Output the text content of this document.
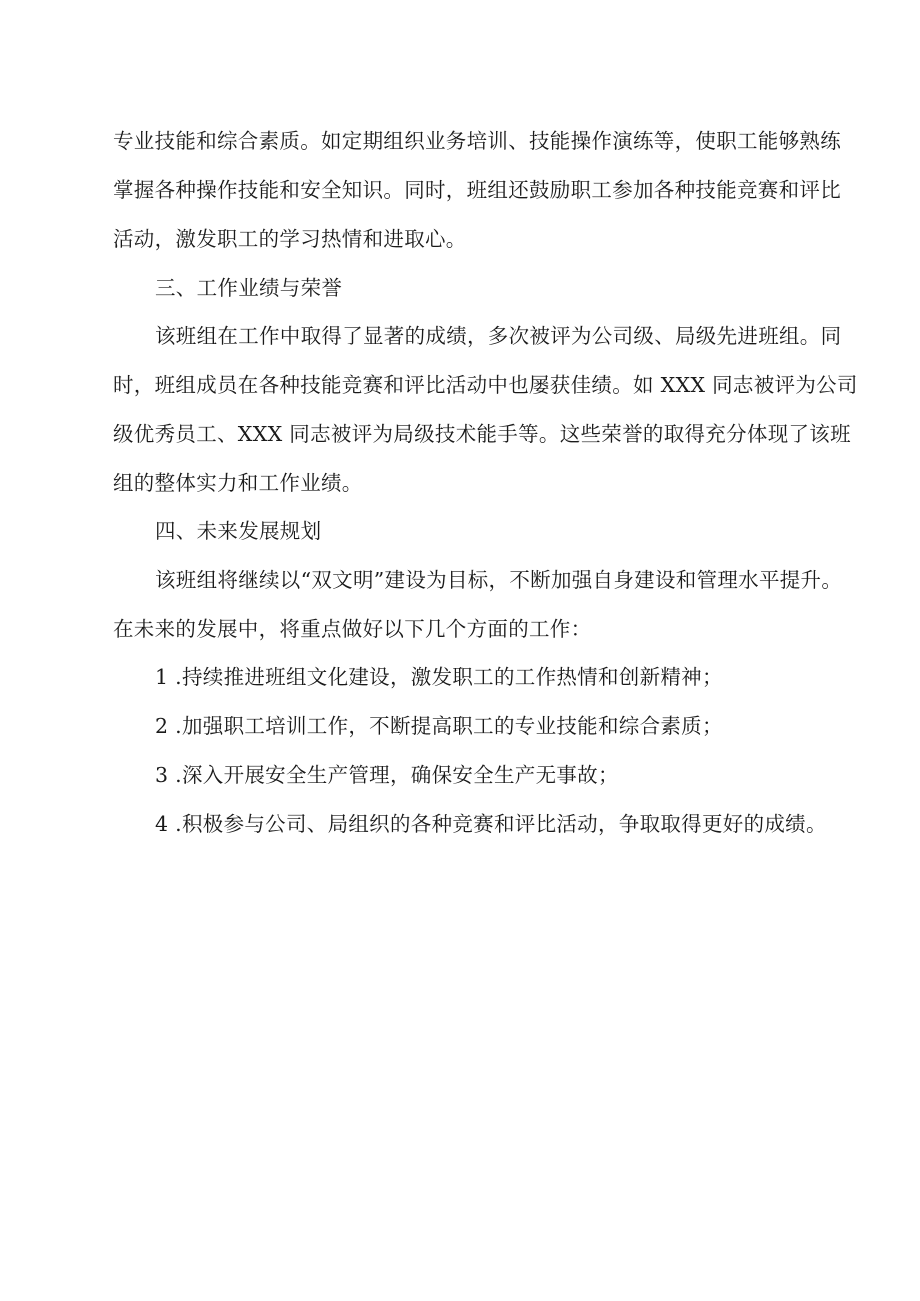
专业技能和综合素质。如定期组织业务培训、技能操作演练等，使职工能够熟练

掌握各种操作技能和安全知识。同时，班组还鼓励职工参加各种技能竞赛和评比

活动，激发职工的学习热情和进取心。

三、工作业绩与荣誉

该班组在工作中取得了显著的成绩，多次被评为公司级、局级先进班组。同

时，班组成员在各种技能竞赛和评比活动中也屡获佳绩。如 XXX 同志被评为公司

级优秀员工、XXX 同志被评为局级技术能手等。这些荣誉的取得充分体现了该班

组的整体实力和工作业绩。

四、未来发展规划

该班组将继续以“双文明”建设为目标，不断加强自身建设和管理水平提升。

在未来的发展中，将重点做好以下几个方面的工作：

1 .持续推进班组文化建设，激发职工的工作热情和创新精神；

2 .加强职工培训工作，不断提高职工的专业技能和综合素质；

3 .深入开展安全生产管理，确保安全生产无事故；

4 .积极参与公司、局组织的各种竞赛和评比活动，争取取得更好的成绩。
